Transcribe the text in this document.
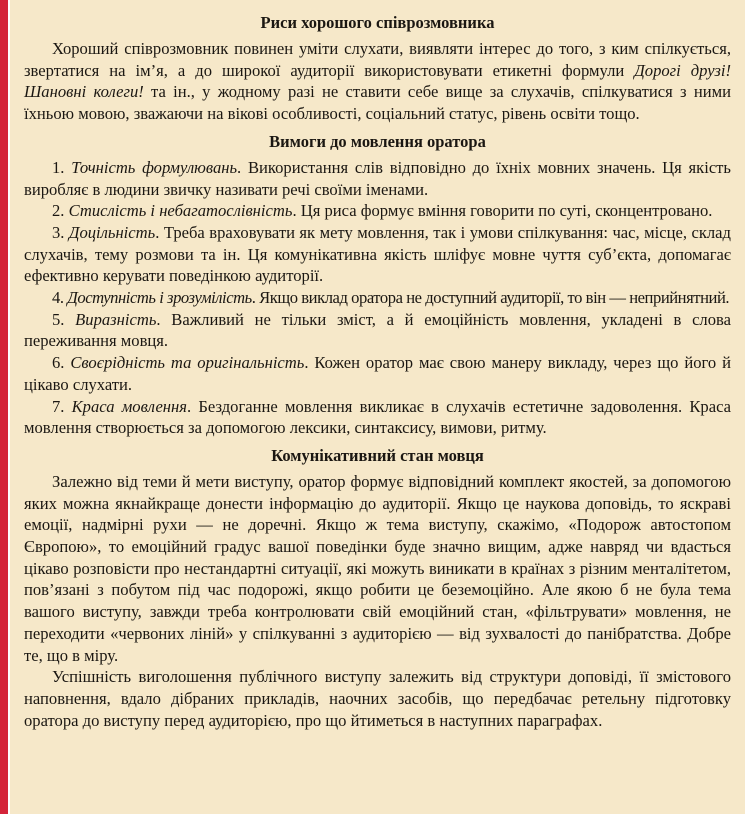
Риси хорошого співрозмовника

Хороший співрозмовник повинен уміти слухати, виявляти інтерес до того, з ким спілкується, звертатися на ім’я, а до широкої аудиторії використовувати етикетні формули Дорогі друзі! Шановні колеги! та ін., у жодному разі не ставити себе вище за слухачів, спілкуватися з ними їхньою мовою, зважаючи на вікові особливості, соціальний статус, рівень освіти тощо.

Вимоги до мовлення оратора

1. Точність формулювань. Використання слів відповідно до їхніх мовних значень. Ця якість виробляє в людини звичку називати речі своїми іменами.

2. Стислість і небагатослівність. Ця риса формує вміння говорити по суті, сконцентровано.

3. Доцільність. Треба враховувати як мету мовлення, так і умови спілкування: час, місце, склад слухачів, тему розмови та ін. Ця комунікативна якість шліфує мовне чуття суб’єкта, допомагає ефективно керувати поведінкою аудиторії.

4. Доступність і зрозумілість. Якщо виклад оратора не доступний аудиторії, то він — неприйнятний.

5. Виразність. Важливий не тільки зміст, а й емоційність мовлення, укладені в слова переживання мовця.

6. Своєрідність та оригінальність. Кожен оратор має свою манеру викладу, через що його й цікаво слухати.

7. Краса мовлення. Бездоганне мовлення викликає в слухачів естетичне задоволення. Краса мовлення створюється за допомогою лексики, синтаксису, вимови, ритму.

Комунікативний стан мовця

Залежно від теми й мети виступу, оратор формує відповідний комплект якостей, за допомогою яких можна якнайкраще донести інформацію до аудиторії. Якщо це наукова доповідь, то яскраві емоції, надмірні рухи — не доречні. Якщо ж тема виступу, скажімо, «Подорож автостопом Європою», то емоційний градус вашої поведінки буде значно вищим, адже навряд чи вдасться цікаво розповісти про нестандартні ситуації, які можуть виникати в країнах з різним менталітетом, пов’язані з побутом під час подорожі, якщо робити це беземоційно. Але якою б не була тема вашого виступу, завжди треба контролювати свій емоційний стан, «фільтрувати» мовлення, не переходити «червоних ліній» у спілкуванні з аудиторією — від зухвалості до панібратства. Добре те, що в міру.

Успішність виголошення публічного виступу залежить від структури доповіді, її змістового наповнення, вдало дібраних прикладів, наочних засобів, що передбачає ретельну підготовку оратора до виступу перед аудиторією, про що йтиметься в наступних параграфах.
